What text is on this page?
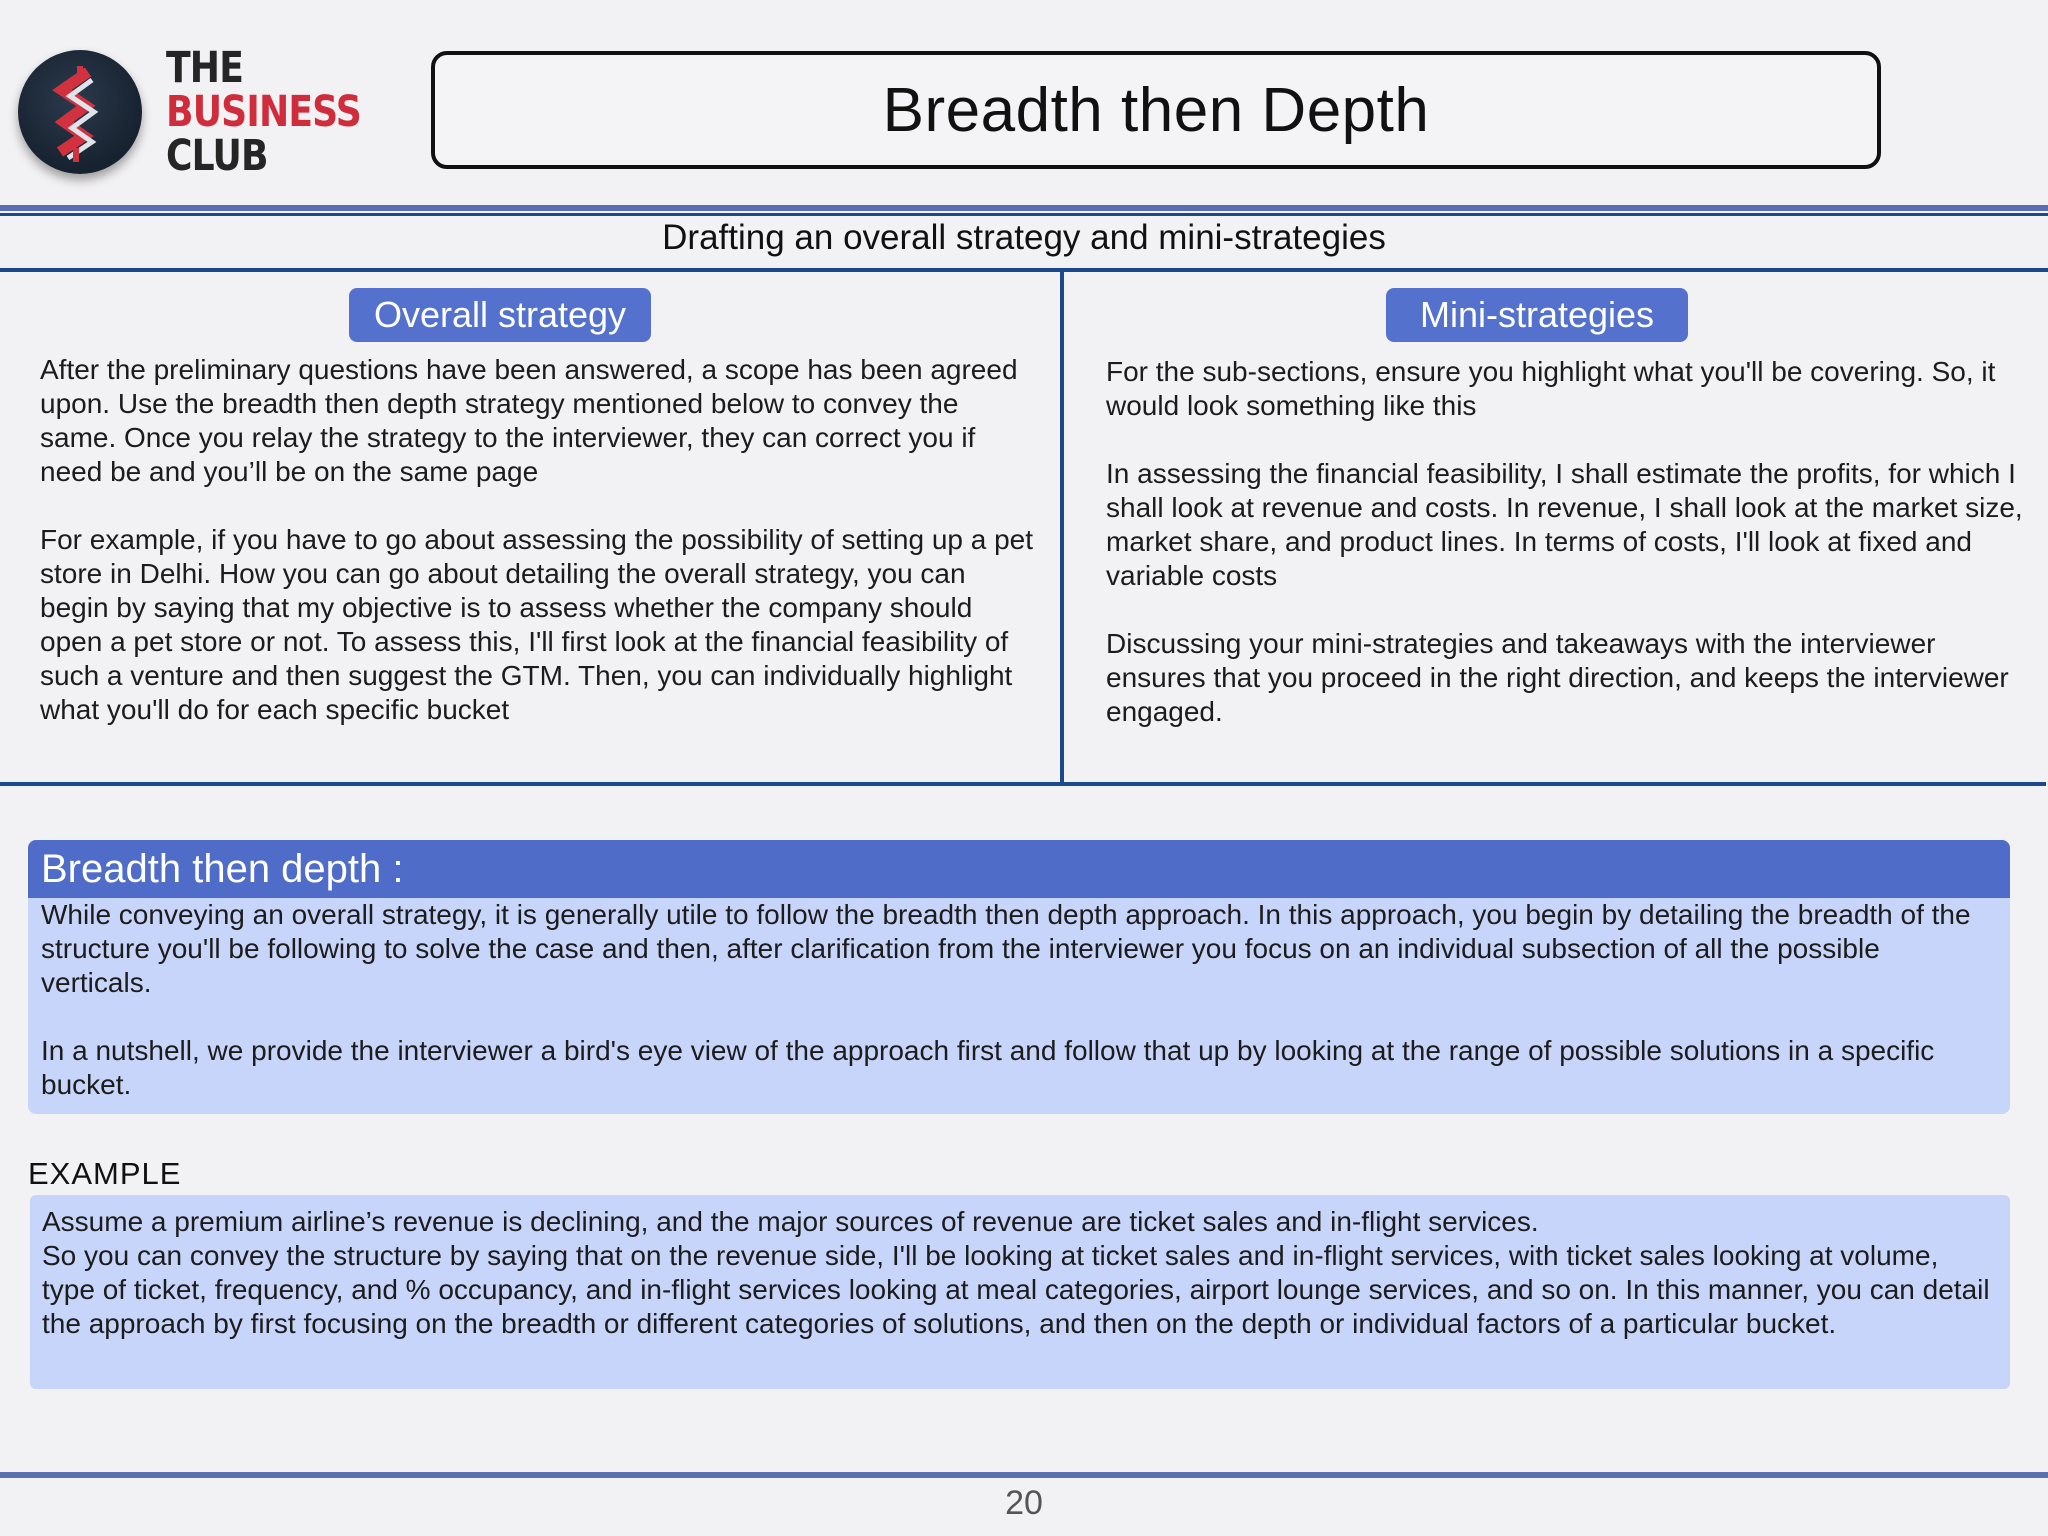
THE
BUSINESS
CLUB
Breadth then Depth
Drafting an overall strategy and mini-strategies
Overall strategy

After the preliminary questions have been answered, a scope has been agreed upon. Use the breadth then depth strategy mentioned below to convey the same. Once you relay the strategy to the interviewer, they can correct you if need be and you’ll be on the same page

For example, if you have to go about assessing the possibility of setting up a pet store in Delhi. How you can go about detailing the overall strategy, you can begin by saying that my objective is to assess whether the company should open a pet store or not. To assess this, I'll first look at the financial feasibility of such a venture and then suggest the GTM. Then, you can individually highlight what you'll do for each specific bucket

Mini-strategies

For the sub-sections, ensure you highlight what you'll be covering. So, it would look something like this

In assessing the financial feasibility, I shall estimate the profits, for which I shall look at revenue and costs. In revenue, I shall look at the market size, market share, and product lines. In terms of costs, I'll look at fixed and variable costs

Discussing your mini-strategies and takeaways with the interviewer ensures that you proceed in the right direction, and keeps the interviewer engaged.

Breadth then depth :

While conveying an overall strategy, it is generally utile to follow the breadth then depth approach. In this approach, you begin by detailing the breadth of the structure you'll be following to solve the case and then, after clarification from the interviewer you focus on an individual subsection of all the possible verticals.

In a nutshell, we provide the interviewer a bird's eye view of the approach first and follow that up by looking at the range of possible solutions in a specific bucket.

EXAMPLE

Assume a premium airline’s revenue is declining, and the major sources of revenue are ticket sales and in-flight services.

So you can convey the structure by saying that on the revenue side, I'll be looking at ticket sales and in-flight services, with ticket sales looking at volume, type of ticket, frequency, and % occupancy, and in-flight services looking at meal categories, airport lounge services, and so on. In this manner, you can detail the approach by first focusing on the breadth or different categories of solutions, and then on the depth or individual factors of a particular bucket.

20
